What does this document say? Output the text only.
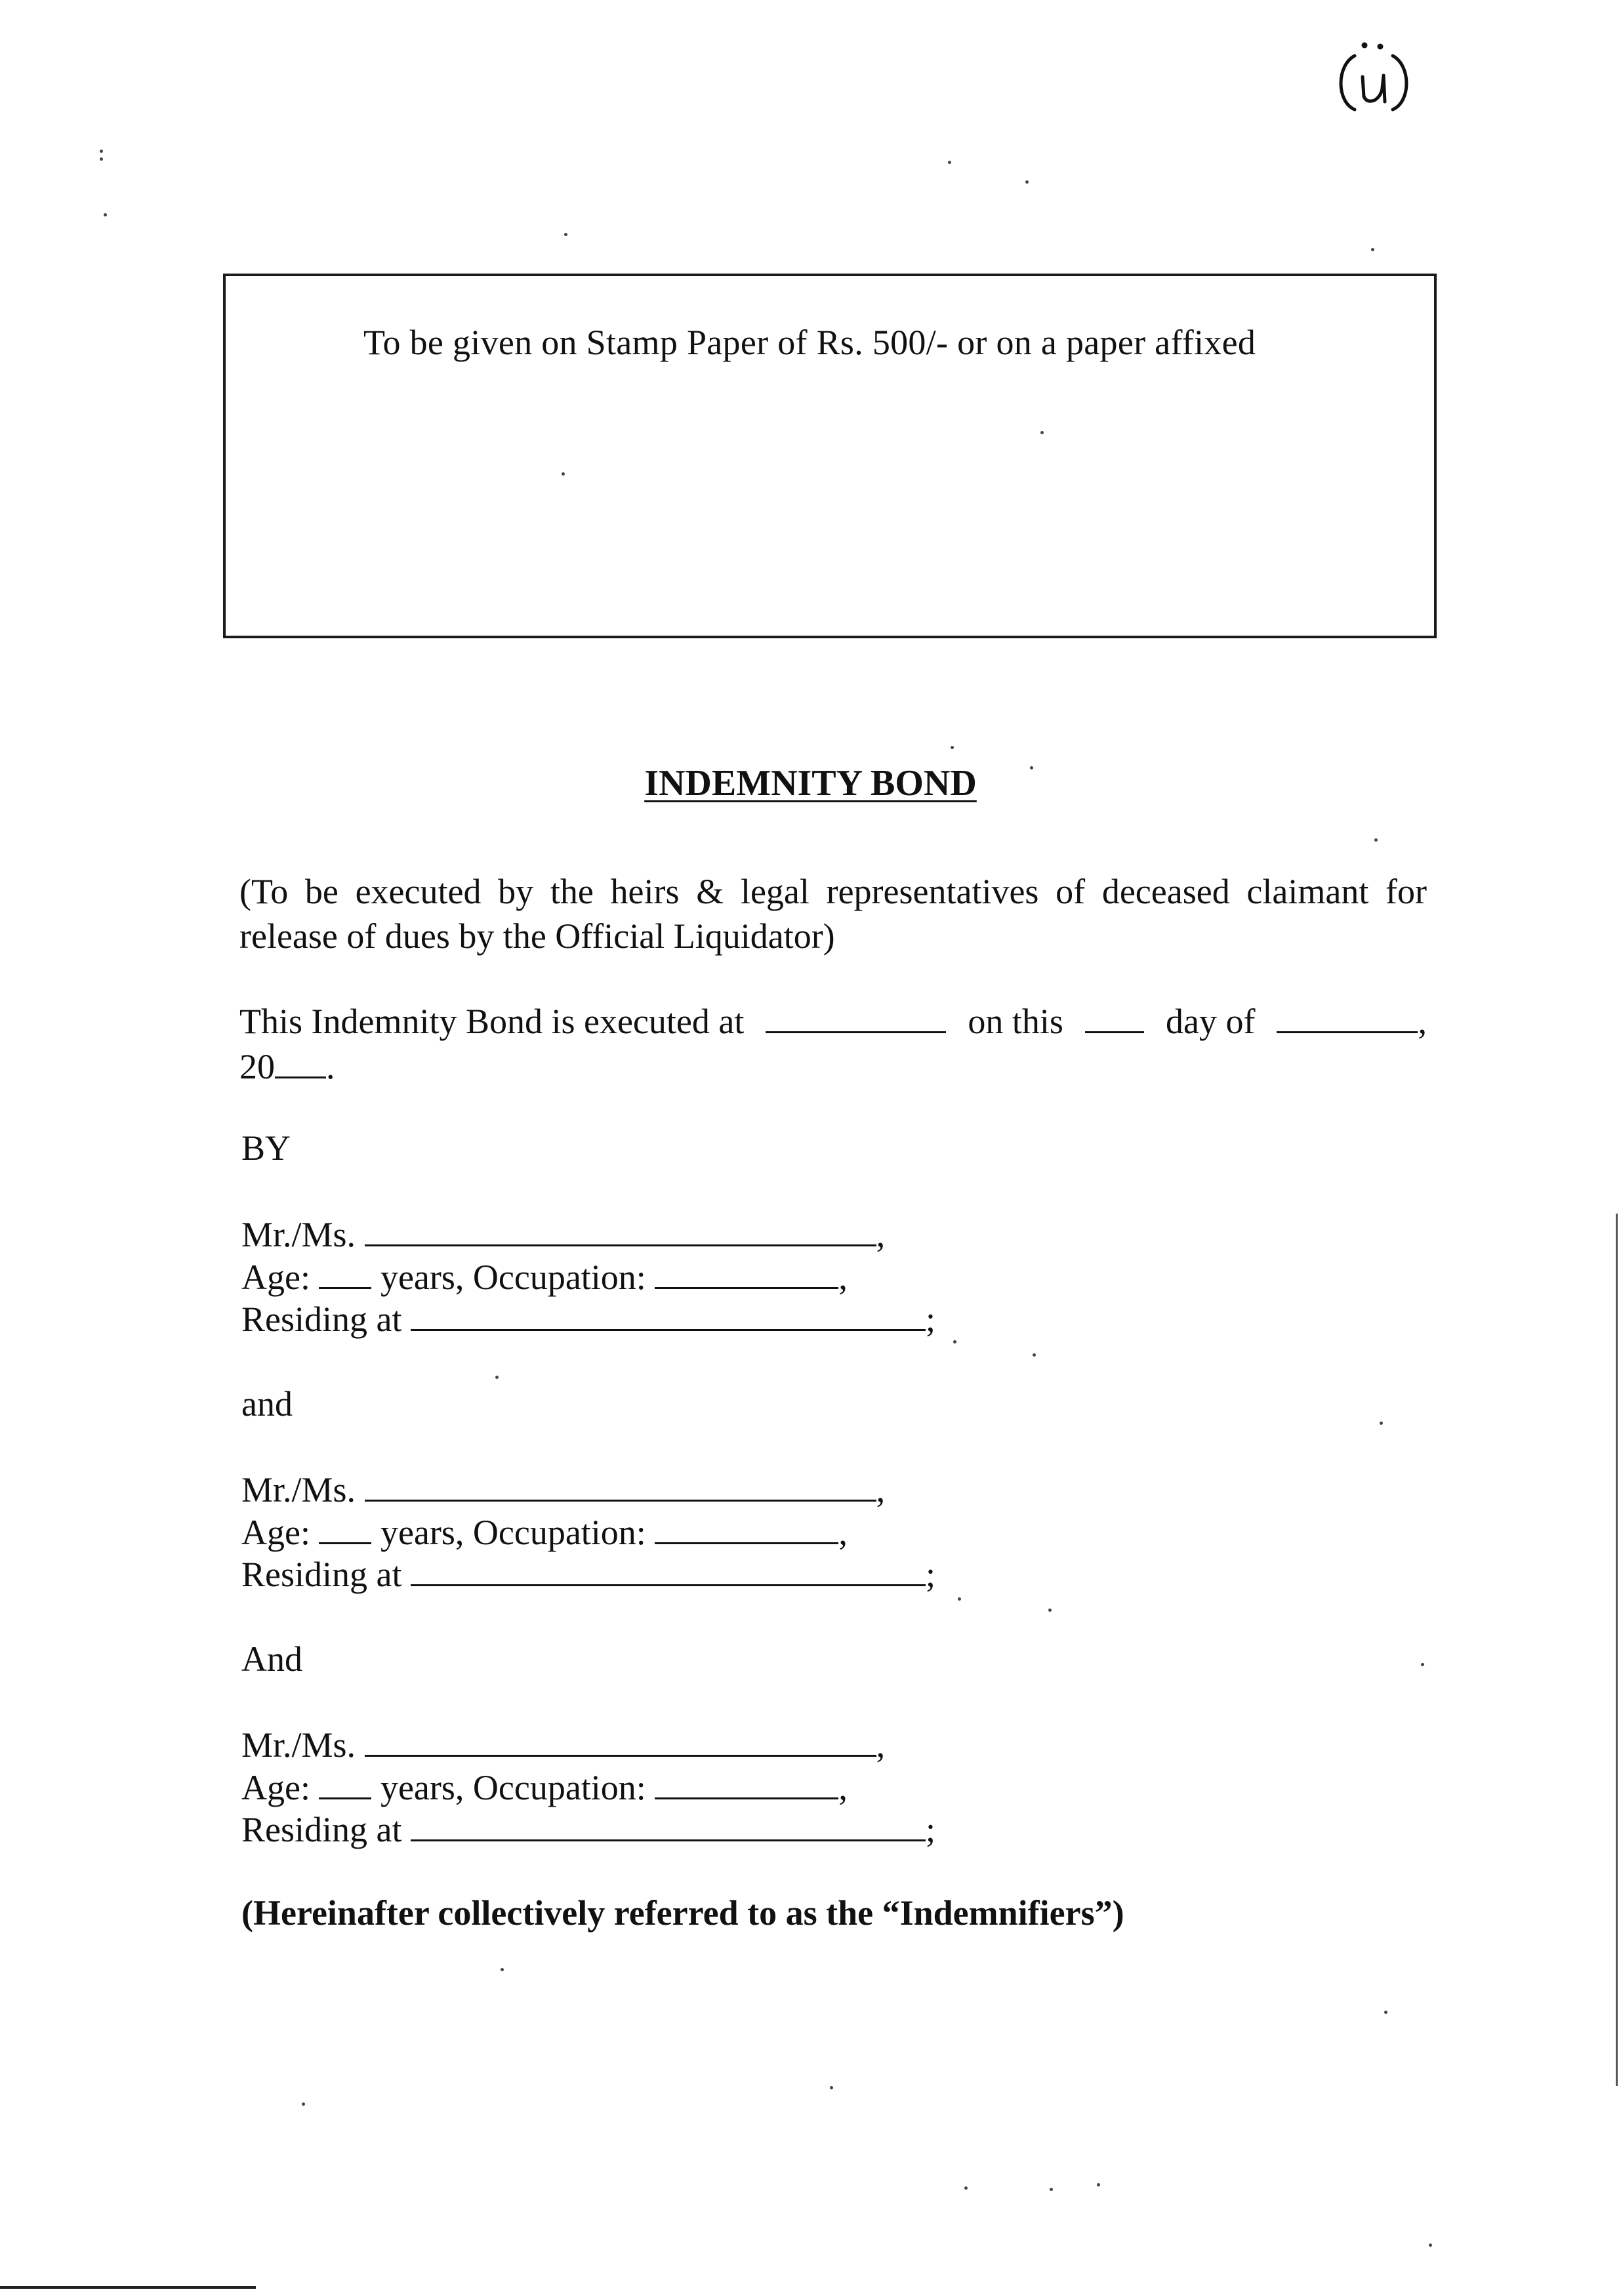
To be given on Stamp Paper of Rs. 500/- or on a paper affixed
INDEMNITY BOND
(To be executed by the heirs & legal representatives of deceased claimant for release of dues by the Official Liquidator)
This Indemnity Bond is executed at	on this	day of	,
20 .
BY
Mr./Ms.	,
Age: years, Occupation:	,
Residing at	;
and
Mr./Ms.	,
Age: years, Occupation:	,
Residing at	;
And
Mr./Ms.	,
Age: years, Occupation:	,
Residing at	;
(Hereinafter collectively referred to as the “Indemnifiers”)
